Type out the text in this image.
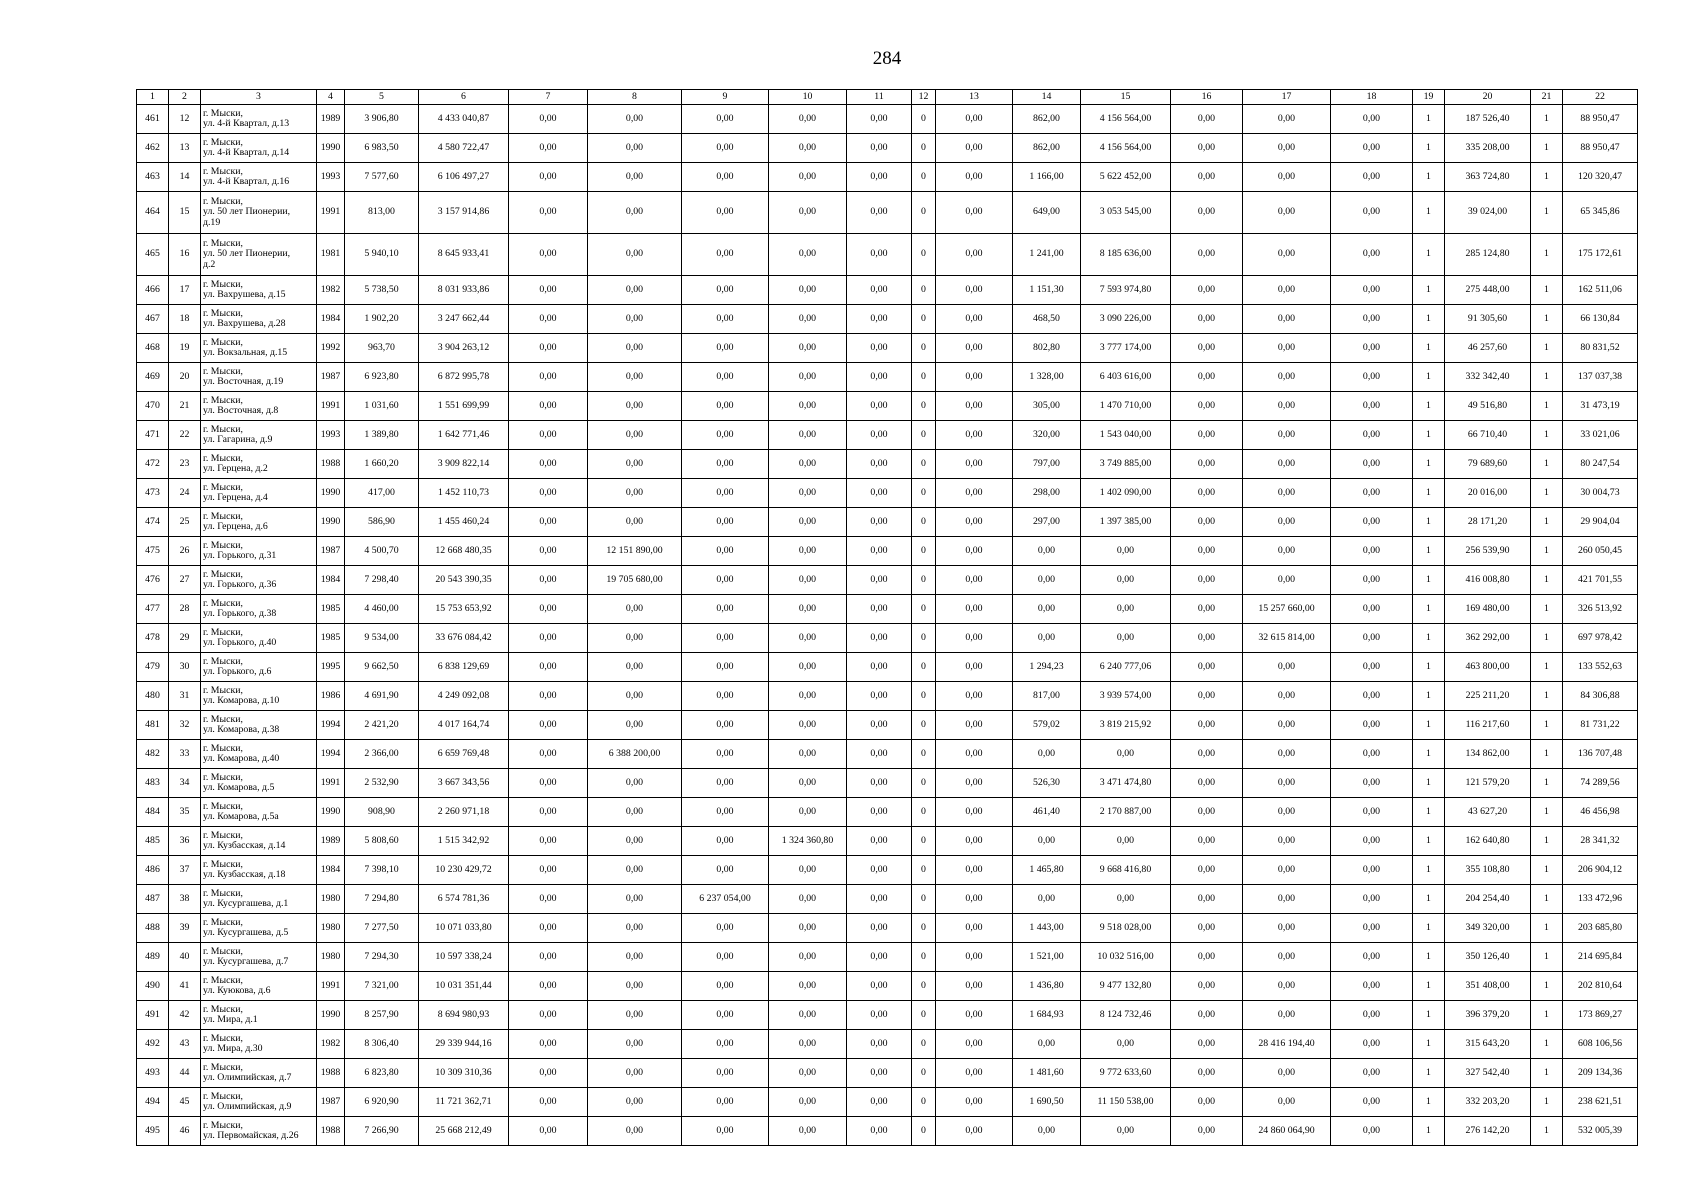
284
1	2	3	4	5	6	7	8	9	10	11	12	13	14	15	16	17	18	19	20	21	22
461	12	г. Мыски,
ул. 4-й Квартал, д.13	1989	3 906,80	4 433 040,87	0,00	0,00	0,00	0,00	0,00	0	0,00	862,00	4 156 564,00	0,00	0,00	0,00	1	187 526,40	1	88 950,47
462	13	г. Мыски,
ул. 4-й Квартал, д.14	1990	6 983,50	4 580 722,47	0,00	0,00	0,00	0,00	0,00	0	0,00	862,00	4 156 564,00	0,00	0,00	0,00	1	335 208,00	1	88 950,47
463	14	г. Мыски,
ул. 4-й Квартал, д.16	1993	7 577,60	6 106 497,27	0,00	0,00	0,00	0,00	0,00	0	0,00	1 166,00	5 622 452,00	0,00	0,00	0,00	1	363 724,80	1	120 320,47
464	15	г. Мыски,
ул. 50 лет Пионерии,
д.19	1991	813,00	3 157 914,86	0,00	0,00	0,00	0,00	0,00	0	0,00	649,00	3 053 545,00	0,00	0,00	0,00	1	39 024,00	1	65 345,86
465	16	г. Мыски,
ул. 50 лет Пионерии,
д.2	1981	5 940,10	8 645 933,41	0,00	0,00	0,00	0,00	0,00	0	0,00	1 241,00	8 185 636,00	0,00	0,00	0,00	1	285 124,80	1	175 172,61
466	17	г. Мыски,
ул. Вахрушева, д.15	1982	5 738,50	8 031 933,86	0,00	0,00	0,00	0,00	0,00	0	0,00	1 151,30	7 593 974,80	0,00	0,00	0,00	1	275 448,00	1	162 511,06
467	18	г. Мыски,
ул. Вахрушева, д.28	1984	1 902,20	3 247 662,44	0,00	0,00	0,00	0,00	0,00	0	0,00	468,50	3 090 226,00	0,00	0,00	0,00	1	91 305,60	1	66 130,84
468	19	г. Мыски,
ул. Вокзальная, д.15	1992	963,70	3 904 263,12	0,00	0,00	0,00	0,00	0,00	0	0,00	802,80	3 777 174,00	0,00	0,00	0,00	1	46 257,60	1	80 831,52
469	20	г. Мыски,
ул. Восточная, д.19	1987	6 923,80	6 872 995,78	0,00	0,00	0,00	0,00	0,00	0	0,00	1 328,00	6 403 616,00	0,00	0,00	0,00	1	332 342,40	1	137 037,38
470	21	г. Мыски,
ул. Восточная, д.8	1991	1 031,60	1 551 699,99	0,00	0,00	0,00	0,00	0,00	0	0,00	305,00	1 470 710,00	0,00	0,00	0,00	1	49 516,80	1	31 473,19
471	22	г. Мыски,
ул. Гагарина, д.9	1993	1 389,80	1 642 771,46	0,00	0,00	0,00	0,00	0,00	0	0,00	320,00	1 543 040,00	0,00	0,00	0,00	1	66 710,40	1	33 021,06
472	23	г. Мыски,
ул. Герцена, д.2	1988	1 660,20	3 909 822,14	0,00	0,00	0,00	0,00	0,00	0	0,00	797,00	3 749 885,00	0,00	0,00	0,00	1	79 689,60	1	80 247,54
473	24	г. Мыски,
ул. Герцена, д.4	1990	417,00	1 452 110,73	0,00	0,00	0,00	0,00	0,00	0	0,00	298,00	1 402 090,00	0,00	0,00	0,00	1	20 016,00	1	30 004,73
474	25	г. Мыски,
ул. Герцена, д.6	1990	586,90	1 455 460,24	0,00	0,00	0,00	0,00	0,00	0	0,00	297,00	1 397 385,00	0,00	0,00	0,00	1	28 171,20	1	29 904,04
475	26	г. Мыски,
ул. Горького, д.31	1987	4 500,70	12 668 480,35	0,00	12 151 890,00	0,00	0,00	0,00	0	0,00	0,00	0,00	0,00	0,00	0,00	1	256 539,90	1	260 050,45
476	27	г. Мыски,
ул. Горького, д.36	1984	7 298,40	20 543 390,35	0,00	19 705 680,00	0,00	0,00	0,00	0	0,00	0,00	0,00	0,00	0,00	0,00	1	416 008,80	1	421 701,55
477	28	г. Мыски,
ул. Горького, д.38	1985	4 460,00	15 753 653,92	0,00	0,00	0,00	0,00	0,00	0	0,00	0,00	0,00	0,00	15 257 660,00	0,00	1	169 480,00	1	326 513,92
478	29	г. Мыски,
ул. Горького, д.40	1985	9 534,00	33 676 084,42	0,00	0,00	0,00	0,00	0,00	0	0,00	0,00	0,00	0,00	32 615 814,00	0,00	1	362 292,00	1	697 978,42
479	30	г. Мыски,
ул. Горького, д.6	1995	9 662,50	6 838 129,69	0,00	0,00	0,00	0,00	0,00	0	0,00	1 294,23	6 240 777,06	0,00	0,00	0,00	1	463 800,00	1	133 552,63
480	31	г. Мыски,
ул. Комарова, д.10	1986	4 691,90	4 249 092,08	0,00	0,00	0,00	0,00	0,00	0	0,00	817,00	3 939 574,00	0,00	0,00	0,00	1	225 211,20	1	84 306,88
481	32	г. Мыски,
ул. Комарова, д.38	1994	2 421,20	4 017 164,74	0,00	0,00	0,00	0,00	0,00	0	0,00	579,02	3 819 215,92	0,00	0,00	0,00	1	116 217,60	1	81 731,22
482	33	г. Мыски,
ул. Комарова, д.40	1994	2 366,00	6 659 769,48	0,00	6 388 200,00	0,00	0,00	0,00	0	0,00	0,00	0,00	0,00	0,00	0,00	1	134 862,00	1	136 707,48
483	34	г. Мыски,
ул. Комарова, д.5	1991	2 532,90	3 667 343,56	0,00	0,00	0,00	0,00	0,00	0	0,00	526,30	3 471 474,80	0,00	0,00	0,00	1	121 579,20	1	74 289,56
484	35	г. Мыски,
ул. Комарова, д.5а	1990	908,90	2 260 971,18	0,00	0,00	0,00	0,00	0,00	0	0,00	461,40	2 170 887,00	0,00	0,00	0,00	1	43 627,20	1	46 456,98
485	36	г. Мыски,
ул. Кузбасская, д.14	1989	5 808,60	1 515 342,92	0,00	0,00	0,00	1 324 360,80	0,00	0	0,00	0,00	0,00	0,00	0,00	0,00	1	162 640,80	1	28 341,32
486	37	г. Мыски,
ул. Кузбасская, д.18	1984	7 398,10	10 230 429,72	0,00	0,00	0,00	0,00	0,00	0	0,00	1 465,80	9 668 416,80	0,00	0,00	0,00	1	355 108,80	1	206 904,12
487	38	г. Мыски,
ул. Кусургашева, д.1	1980	7 294,80	6 574 781,36	0,00	0,00	6 237 054,00	0,00	0,00	0	0,00	0,00	0,00	0,00	0,00	0,00	1	204 254,40	1	133 472,96
488	39	г. Мыски,
ул. Кусургашева, д.5	1980	7 277,50	10 071 033,80	0,00	0,00	0,00	0,00	0,00	0	0,00	1 443,00	9 518 028,00	0,00	0,00	0,00	1	349 320,00	1	203 685,80
489	40	г. Мыски,
ул. Кусургашева, д.7	1980	7 294,30	10 597 338,24	0,00	0,00	0,00	0,00	0,00	0	0,00	1 521,00	10 032 516,00	0,00	0,00	0,00	1	350 126,40	1	214 695,84
490	41	г. Мыски,
ул. Куюкова, д.6	1991	7 321,00	10 031 351,44	0,00	0,00	0,00	0,00	0,00	0	0,00	1 436,80	9 477 132,80	0,00	0,00	0,00	1	351 408,00	1	202 810,64
491	42	г. Мыски,
ул. Мира, д.1	1990	8 257,90	8 694 980,93	0,00	0,00	0,00	0,00	0,00	0	0,00	1 684,93	8 124 732,46	0,00	0,00	0,00	1	396 379,20	1	173 869,27
492	43	г. Мыски,
ул. Мира, д.30	1982	8 306,40	29 339 944,16	0,00	0,00	0,00	0,00	0,00	0	0,00	0,00	0,00	0,00	28 416 194,40	0,00	1	315 643,20	1	608 106,56
493	44	г. Мыски,
ул. Олимпийская, д.7	1988	6 823,80	10 309 310,36	0,00	0,00	0,00	0,00	0,00	0	0,00	1 481,60	9 772 633,60	0,00	0,00	0,00	1	327 542,40	1	209 134,36
494	45	г. Мыски,
ул. Олимпийская, д.9	1987	6 920,90	11 721 362,71	0,00	0,00	0,00	0,00	0,00	0	0,00	1 690,50	11 150 538,00	0,00	0,00	0,00	1	332 203,20	1	238 621,51
495	46	г. Мыски,
ул. Первомайская, д.26	1988	7 266,90	25 668 212,49	0,00	0,00	0,00	0,00	0,00	0	0,00	0,00	0,00	0,00	24 860 064,90	0,00	1	276 142,20	1	532 005,39
